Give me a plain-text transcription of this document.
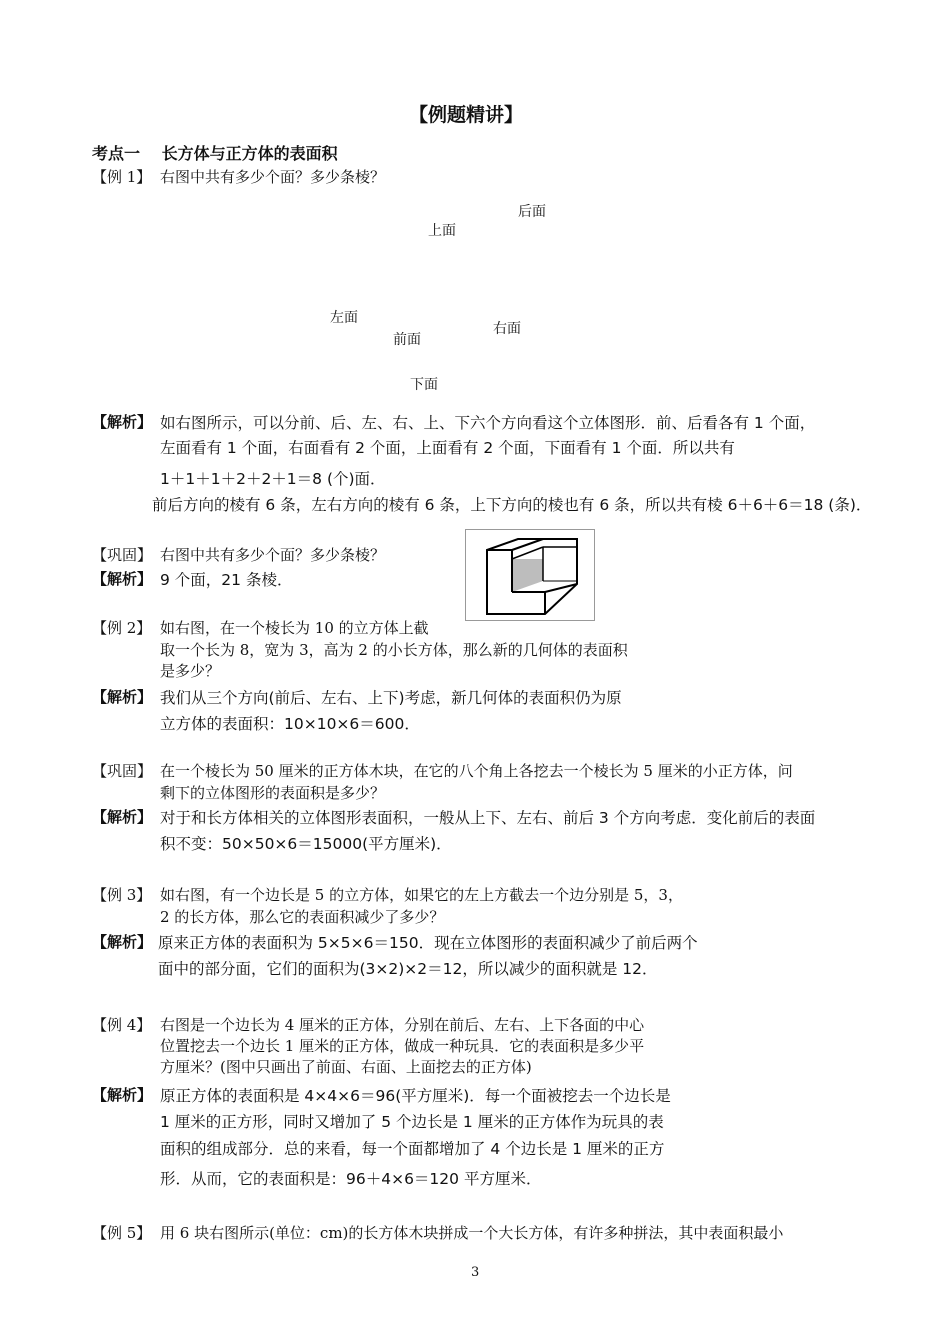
【例题精讲】
考点一　 长方体与正方体的表面积
【例 1】 右图中共有多少个面？多少条棱？
后面
上面
左面
右面
前面
下面
【解析】 如右图所示，可以分前、后、左、右、上、下六个方向看这个立体图形．前、后看各有 1 个面，
左面看有 1 个面，右面看有 2 个面，上面看有 2 个面，下面看有 1 个面．所以共有
1＋1＋1＋2＋2＋1＝8 (个)面．
前后方向的棱有 6 条，左右方向的棱有 6 条，上下方向的棱也有 6 条，所以共有棱 6＋6＋6＝18 (条)．
【巩固】 右图中共有多少个面？多少条棱？
【解析】 9 个面，21 条棱．
【例 2】 如右图，在一个棱长为 10 的立方体上截
取一个长为 8，宽为 3，高为 2 的小长方体，那么新的几何体的表面积
是多少？
【解析】 我们从三个方向(前后、左右、上下)考虑，新几何体的表面积仍为原
立方体的表面积：10×10×6＝600．
【巩固】 在一个棱长为 50 厘米的正方体木块，在它的八个角上各挖去一个棱长为 5 厘米的小正方体，问
剩下的立体图形的表面积是多少？
【解析】 对于和长方体相关的立体图形表面积，一般从上下、左右、前后 3 个方向考虑．变化前后的表面
积不变：50×50×6＝15000(平方厘米)．
【例 3】 如右图，有一个边长是 5 的立方体，如果它的左上方截去一个边分别是 5，3，
2 的长方体，那么它的表面积减少了多少？
【解析】 原来正方体的表面积为 5×5×6＝150．现在立体图形的表面积减少了前后两个
面中的部分面，它们的面积为(3×2)×2＝12，所以减少的面积就是 12．
【例 4】 右图是一个边长为 4 厘米的正方体，分别在前后、左右、上下各面的中心
位置挖去一个边长 1 厘米的正方体，做成一种玩具．它的表面积是多少平
方厘米？(图中只画出了前面、右面、上面挖去的正方体)
【解析】 原正方体的表面积是 4×4×6＝96(平方厘米)．每一个面被挖去一个边长是
1 厘米的正方形，同时又增加了 5 个边长是 1 厘米的正方体作为玩具的表
面积的组成部分．总的来看，每一个面都增加了 4 个边长是 1 厘米的正方
形．从而，它的表面积是：96＋4×6＝120 平方厘米．
【例 5】 用 6 块右图所示(单位：cm)的长方体木块拼成一个大长方体，有许多种拼法，其中表面积最小
3
